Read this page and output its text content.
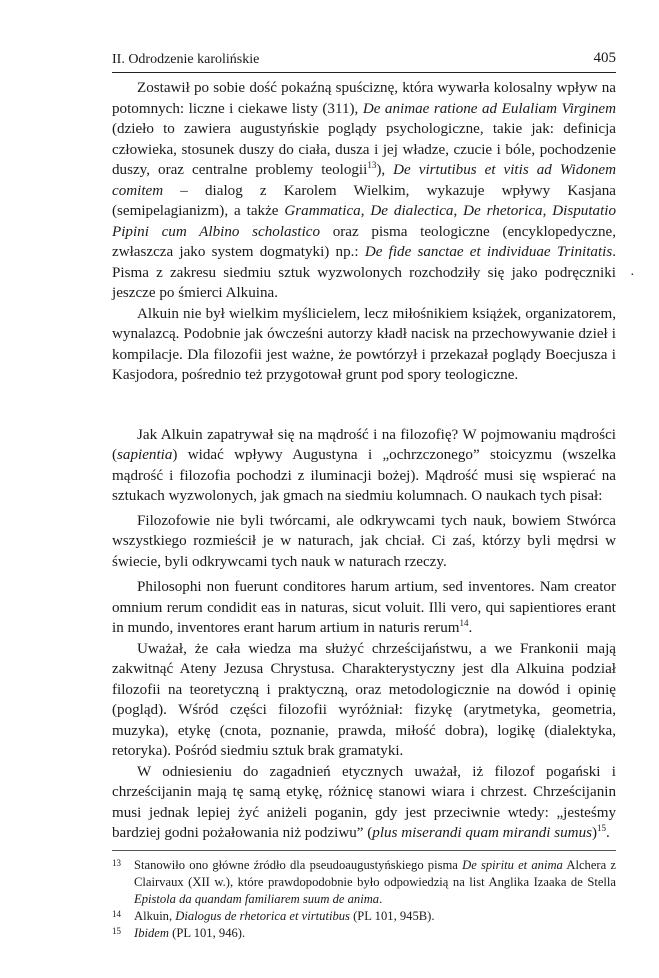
II. Odrodzenie karolińskie	405
·

Zostawił po sobie dość pokaźną spuściznę, która wywarła kolosalny wpływ na potomnych: liczne i ciekawe listy (311), De animae ratione ad Eulaliam Virginem (dzieło to zawiera augustyńskie poglądy psychologiczne, takie jak: definicja człowieka, stosunek duszy do ciała, dusza i jej władze, czucie i bóle, pochodzenie duszy, oraz centralne problemy teologii$^{13}$), De virtutibus et vitis ad Widonem comitem – dialog z Karolem Wielkim, wykazuje wpływy Kasjana (semipelagianizm), a także Grammatica, De dialectica, De rhetorica, Disputatio Pipini cum Albino scholastico oraz pisma teologiczne (encyklopedyczne, zwłaszcza jako system dogmatyki) np.: De fide sanctae et individuae Trinitatis. Pisma z zakresu siedmiu sztuk wyzwolonych rozchodziły się jako podręczniki jeszcze po śmierci Alkuina.

Alkuin nie był wielkim myślicielem, lecz miłośnikiem książek, organizatorem, wynalazcą. Podobnie jak ówcześni autorzy kładł nacisk na przechowywanie dzieł i kompilacje. Dla filozofii jest ważne, że powtórzył i przekazał poglądy Boecjusza i Kasjodora, pośrednio też przygotował grunt pod spory teologiczne.

Jak Alkuin zapatrywał się na mądrość i na filozofię? W pojmowaniu mądrości (sapientia) widać wpływy Augustyna i „ochrzczonego” stoicyzmu (wszelka mądrość i filozofia pochodzi z iluminacji bożej). Mądrość musi się wspierać na sztukach wyzwolonych, jak gmach na siedmiu kolumnach. O naukach tych pisał:

Filozofowie nie byli twórcami, ale odkrywcami tych nauk, bowiem Stwórca wszystkiego rozmieścił je w naturach, jak chciał. Ci zaś, którzy byli mędrsi w świecie, byli odkrywcami tych nauk w naturach rzeczy.

Philosophi non fuerunt conditores harum artium, sed inventores. Nam creator omnium rerum condidit eas in naturas, sicut voluit. Illi vero, qui sapientiores erant in mundo, inventores erant harum artium in naturis rerum$^{14}$.

Uważał, że cała wiedza ma służyć chrześcijaństwu, a we Frankonii mają zakwitnąć Ateny Jezusa Chrystusa. Charakterystyczny jest dla Alkuina podział filozofii na teoretyczną i praktyczną, oraz metodologicznie na dowód i opinię (pogląd). Wśród części filozofii wyróżniał: fizykę (arytmetyka, geometria, muzyka), etykę (cnota, poznanie, prawda, miłość dobra), logikę (dialektyka, retoryka). Pośród siedmiu sztuk brak gramatyki.

W odniesieniu do zagadnień etycznych uważał, iż filozof pogański i chrześcijanin mają tę samą etykę, różnicę stanowi wiara i chrzest. Chrześcijanin musi jednak lepiej żyć aniżeli poganin, gdy jest przeciwnie wtedy: „jesteśmy bardziej godni pożałowania niż podziwu” (plus miserandi quam mirandi sumus)$^{15}$.

13	Stanowiło ono główne źródło dla pseudoaugustyńskiego pisma De spiritu et anima Alchera z Clairvaux (XII w.), które prawdopodobnie było odpowiedzią na list Anglika Izaaka de Stella Epistola da quandam familiarem suum de anima.
14	Alkuin, Dialogus de rhetorica et virtutibus (PL 101, 945B).
15	Ibidem (PL 101, 946).
